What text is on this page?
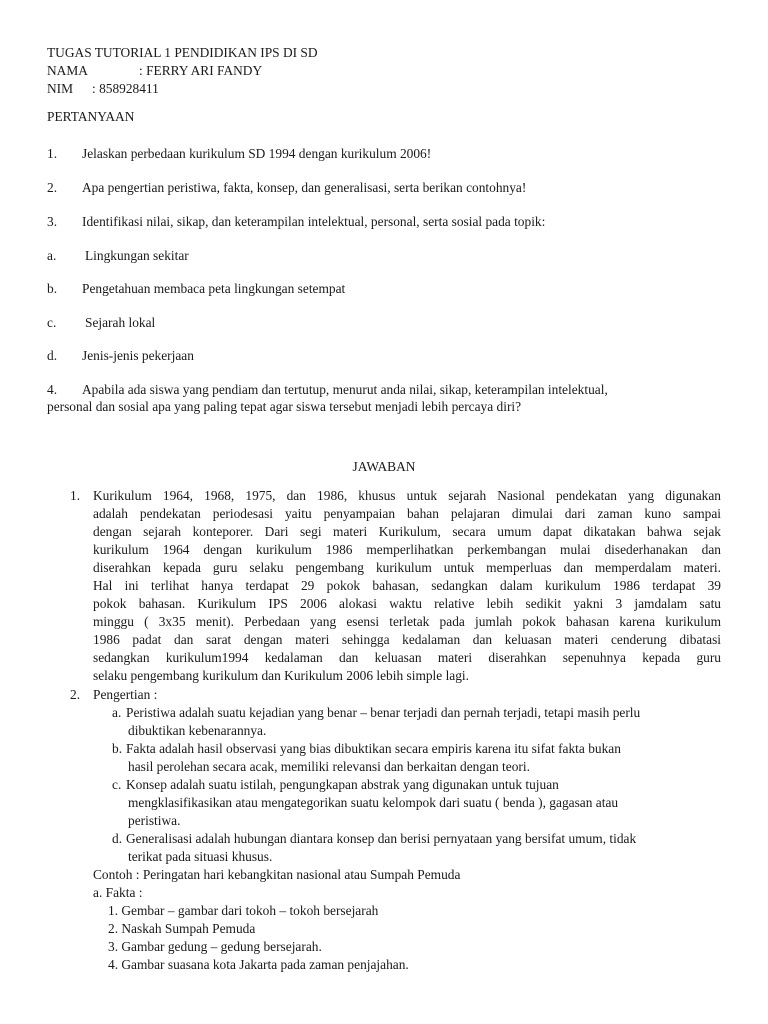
TUGAS TUTORIAL 1 PENDIDIKAN IPS DI SD
NAMA	: FERRY ARI FANDY
NIM : 858928411
PERTANYAAN
1. Jelaskan perbedaan kurikulum SD 1994 dengan kurikulum 2006!
2. Apa pengertian peristiwa, fakta, konsep, dan generalisasi, serta berikan contohnya!
3. Identifikasi nilai, sikap, dan keterampilan intelektual, personal, serta sosial pada topik:
a. Lingkungan sekitar
b. Pengetahuan membaca peta lingkungan setempat
c. Sejarah lokal
d. Jenis-jenis pekerjaan
4. Apabila ada siswa yang pendiam dan tertutup, menurut anda nilai, sikap, keterampilan intelektual,
personal dan sosial apa yang paling tepat agar siswa tersebut menjadi lebih percaya diri?
JAWABAN
1. Kurikulum 1964, 1968, 1975, dan 1986, khusus untuk sejarah Nasional pendekatan yang digunakan
adalah pendekatan periodesasi yaitu penyampaian bahan pelajaran dimulai dari zaman kuno sampai
dengan sejarah konteporer. Dari segi materi Kurikulum, secara umum dapat dikatakan bahwa sejak
kurikulum 1964 dengan kurikulum 1986 memperlihatkan perkembangan mulai disederhanakan dan
diserahkan kepada guru selaku pengembang kurikulum untuk memperluas dan memperdalam materi.
Hal ini terlihat hanya terdapat 29 pokok bahasan, sedangkan dalam kurikulum 1986 terdapat 39
pokok bahasan. Kurikulum IPS 2006 alokasi waktu relative lebih sedikit yakni 3 jamdalam satu
minggu ( 3x35 menit). Perbedaan yang esensi terletak pada jumlah pokok bahasan karena kurikulum
1986 padat dan sarat dengan materi sehingga kedalaman dan keluasan materi cenderung dibatasi
sedangkan kurikulum1994 kedalaman dan keluasan materi diserahkan sepenuhnya kepada guru
selaku pengembang kurikulum dan Kurikulum 2006 lebih simple lagi.
2. Pengertian :
a. Peristiwa adalah suatu kejadian yang benar – benar terjadi dan pernah terjadi, tetapi masih perlu
dibuktikan kebenarannya.
b. Fakta adalah hasil observasi yang bias dibuktikan secara empiris karena itu sifat fakta bukan
hasil perolehan secara acak, memiliki relevansi dan berkaitan dengan teori.
c. Konsep adalah suatu istilah, pengungkapan abstrak yang digunakan untuk tujuan
mengklasifikasikan atau mengategorikan suatu kelompok dari suatu ( benda ), gagasan atau
peristiwa.
d. Generalisasi adalah hubungan diantara konsep dan berisi pernyataan yang bersifat umum, tidak
terikat pada situasi khusus.
Contoh : Peringatan hari kebangkitan nasional atau Sumpah Pemuda
a. Fakta :
1. Gembar – gambar dari tokoh – tokoh bersejarah
2. Naskah Sumpah Pemuda
3. Gambar gedung – gedung bersejarah.
4. Gambar suasana kota Jakarta pada zaman penjajahan.
